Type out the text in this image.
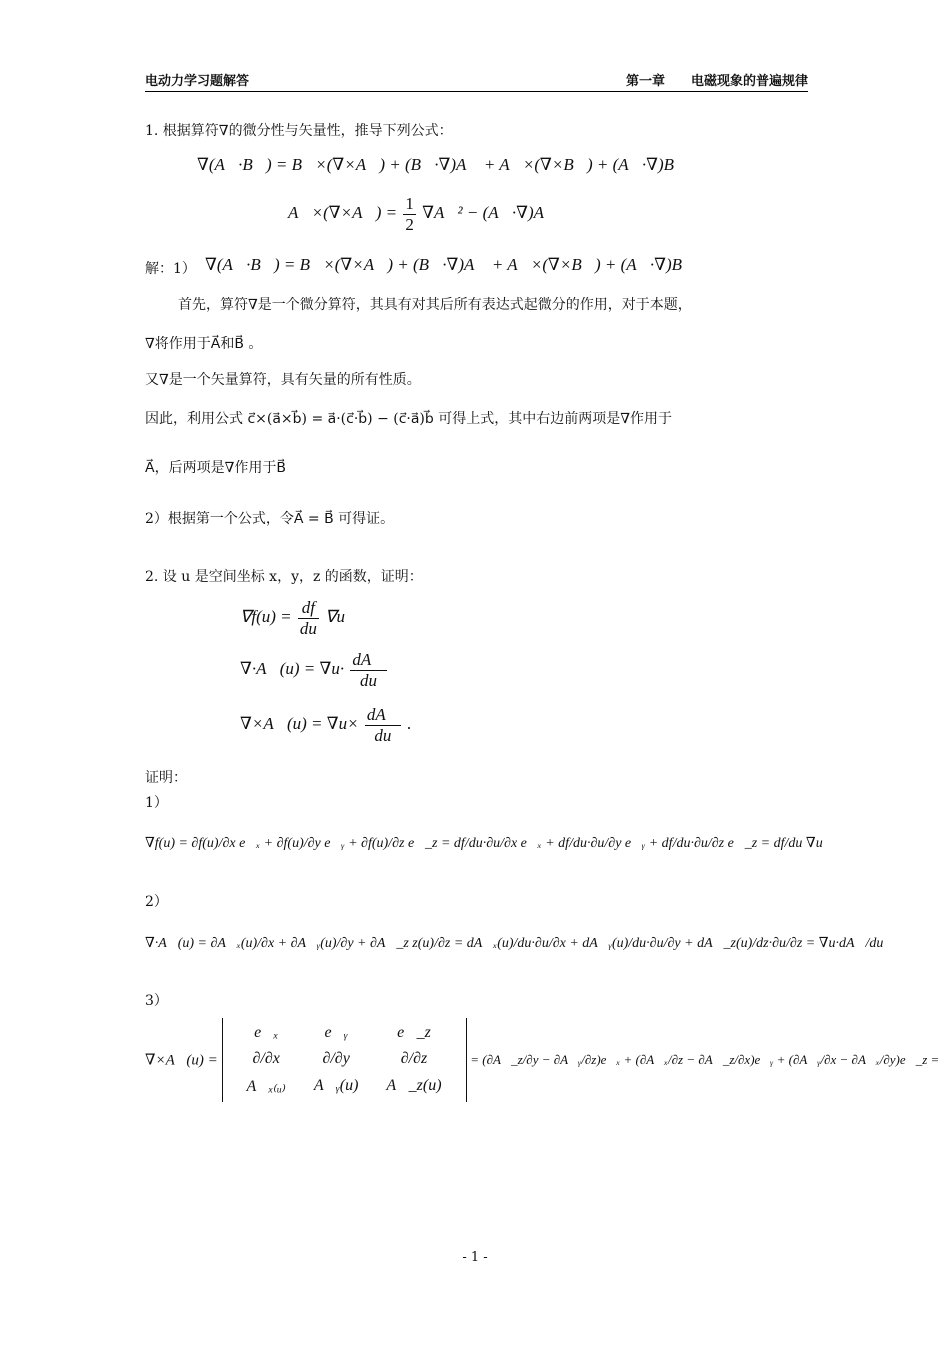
电动力学习题解答	第一章　　电磁现象的普遍规律
1. 根据算符∇的微分性与矢量性，推导下列公式：
∇(A⃗·B⃗) = B⃗×(∇×A⃗) + (B⃗·∇)A⃗ + A⃗×(∇×B⃗) + (A⃗·∇)B⃗
A⃗×(∇×A⃗) = $\frac{1}{2}$ ∇A⃗² − (A⃗·∇)A⃗
解：1） ∇(A⃗·B⃗) = B⃗×(∇×A⃗) + (B⃗·∇)A⃗ + A⃗×(∇×B⃗) + (A⃗·∇)B⃗
首先，算符∇是一个微分算符，其具有对其后所有表达式起微分的作用，对于本题，
∇将作用于A⃗和B⃗ 。
又∇是一个矢量算符，具有矢量的所有性质。
因此，利用公式 c⃗×(a⃗×b⃗) = a⃗·(c⃗·b⃗) − (c⃗·a⃗)b⃗ 可得上式，其中右边前两项是∇作用于
A⃗，后两项是∇作用于B⃗
2）根据第一个公式，令A⃗ = B⃗ 可得证。
2. 设 u 是空间坐标 x，y，z 的函数，证明：
$\nabla f(u) = \frac{df}{du} \nabla u$
∇·A⃗(u) = $\nabla u\cdot \frac{dA⃗}{du}$
∇×A⃗(u) = $\nabla u\times \frac{dA⃗}{du}$ .
证明：
1）
∇f(u) = ∂f(u)/∂x e⃗ₓ + ∂f(u)/∂y e⃗ᵧ + ∂f(u)/∂z e⃗_z = df/du·∂u/∂x e⃗ₓ + df/du·∂u/∂y e⃗ᵧ + df/du·∂u/∂z e⃗_z = df/du ∇u
2）
∇·A⃗(u) = ∂A⃗ₓ(u)/∂x + ∂A⃗ᵧ(u)/∂y + ∂A⃗_z z(u)/∂z = dA⃗ₓ(u)/du·∂u/∂x + dA⃗ᵧ(u)/du·∂u/∂y + dA⃗_z(u)/dz·∂u/∂z = ∇u·dA⃗/du
3）
∇×A⃗(u) =
e⃗ₓ	e⃗ᵧ	e⃗_z
∂/∂x	∂/∂y	∂/∂z
A⃗ₓ₍ᵤ₎	A⃗ᵧ(u)	A⃗_z(u)
= (∂A⃗_z/∂y − ∂A⃗ᵧ/∂z)e⃗ₓ + (∂A⃗ₓ/∂z − ∂A⃗_z/∂x)e⃗ᵧ + (∂A⃗ᵧ/∂x − ∂A⃗ₓ/∂y)e⃗_z =
- 1 -
